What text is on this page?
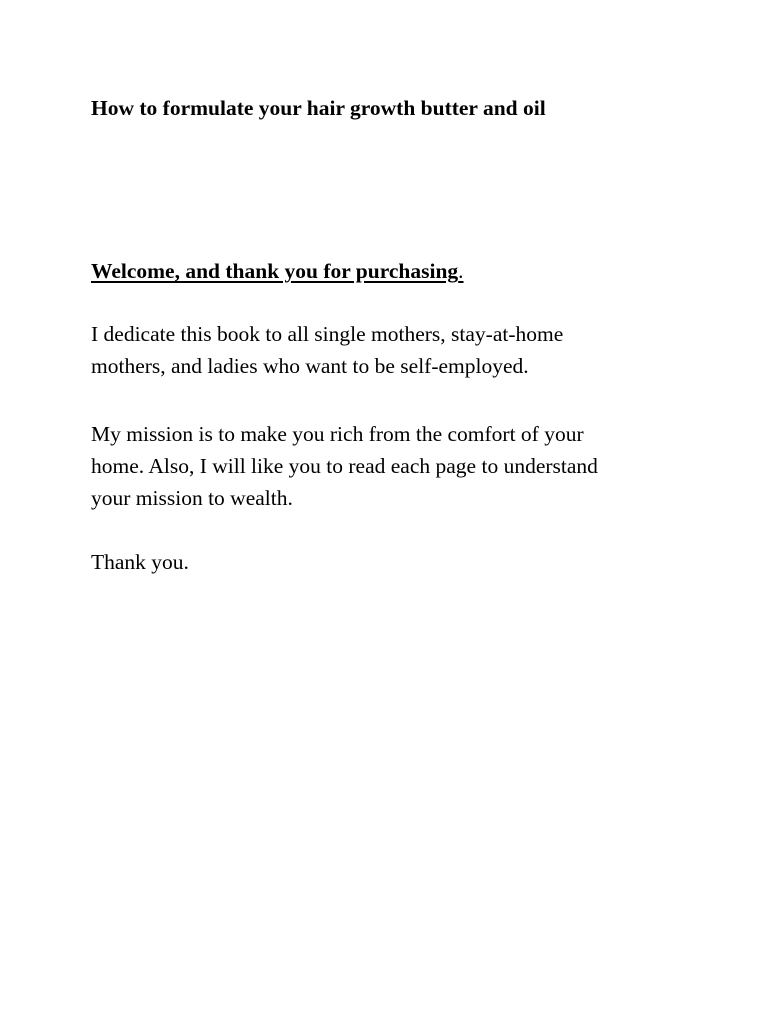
How to formulate your hair growth butter and oil

Welcome, and thank you for purchasing.

I dedicate this book to all single mothers, stay-at-home
mothers, and ladies who want to be self-employed.

My mission is to make you rich from the comfort of your
home. Also, I will like you to read each page to understand
your mission to wealth.

Thank you.
